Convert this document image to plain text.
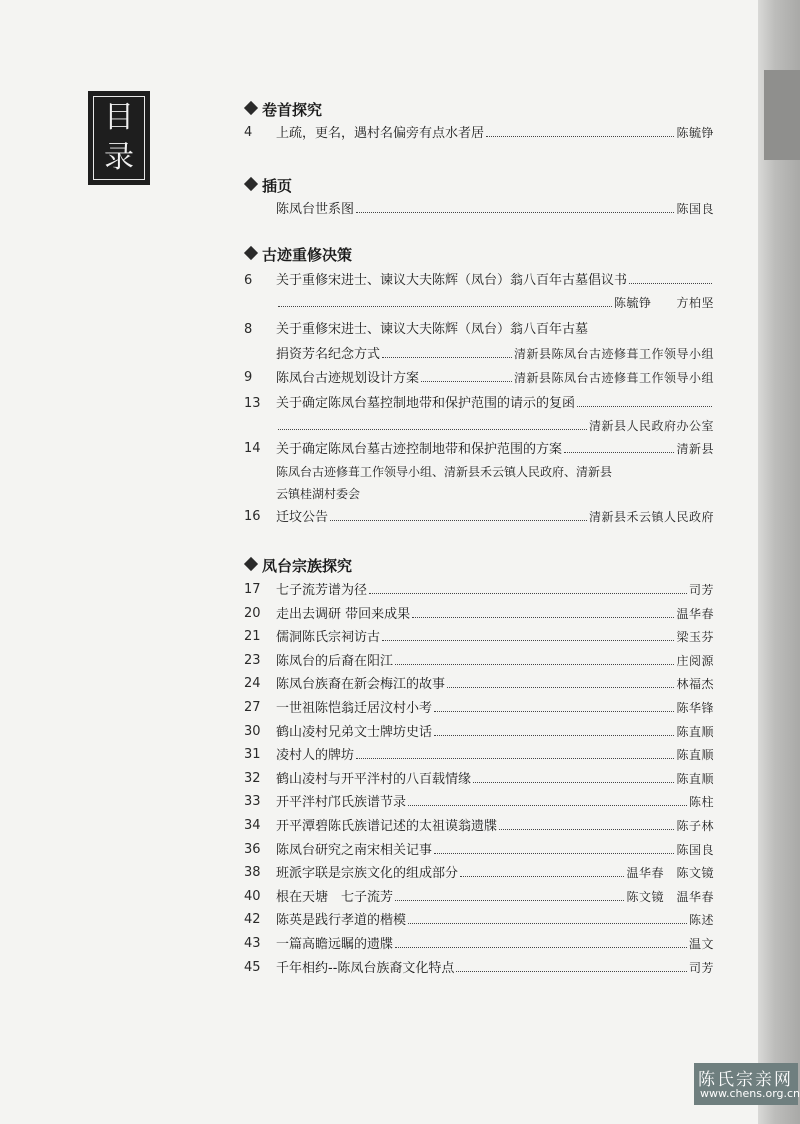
目
录
卷首探究
4	上疏，更名，遇村名偏旁有点水者居	陈毓铮
插页
陈凤台世系图	陈国良
古迹重修决策
6	关于重修宋进士、谏议大夫陈辉（凤台）翁八百年古墓倡议书
陈毓铮　　方柏坚
8	关于重修宋进士、谏议大夫陈辉（凤台）翁八百年古墓
捐资芳名纪念方式	清新县陈凤台古迹修葺工作领导小组
9	陈凤台古迹规划设计方案	清新县陈凤台古迹修葺工作领导小组
13	关于确定陈凤台墓控制地带和保护范围的请示的复函
清新县人民政府办公室
14	关于确定陈凤台墓古迹控制地带和保护范围的方案	清新县
陈凤台古迹修葺工作领导小组、清新县禾云镇人民政府、清新县
云镇桂湖村委会
16	迁坟公告	清新县禾云镇人民政府
凤台宗族探究
17	七子流芳谱为径	司芳
20	走出去调研 带回来成果	温华春
21	儒洞陈氏宗祠访古	梁玉芬
23	陈凤台的后裔在阳江	庄阅源
24	陈凤台族裔在新会梅江的故事	林福杰
27	一世祖陈恺翁迁居汶村小考	陈华锋
30	鹤山凌村兄弟文士牌坊史话	陈直顺
31	凌村人的牌坊	陈直顺
32	鹤山凌村与开平泮村的八百载情缘	陈直顺
33	开平泮村邝氏族谱节录	陈柱
34	开平潭碧陈氏族谱记述的太祖谟翁遗牒	陈子林
36	陈凤台研究之南宋相关记事	陈国良
38	班派字联是宗族文化的组成部分	温华春　陈文镜
40	根在天塘　七子流芳	陈文镜　温华春
42	陈英是践行孝道的楷模	陈述
43	一篇高瞻远瞩的遗牒	温文
45	千年相约--陈凤台族裔文化特点	司芳
陈氏宗亲网
www.chens.org.cn
